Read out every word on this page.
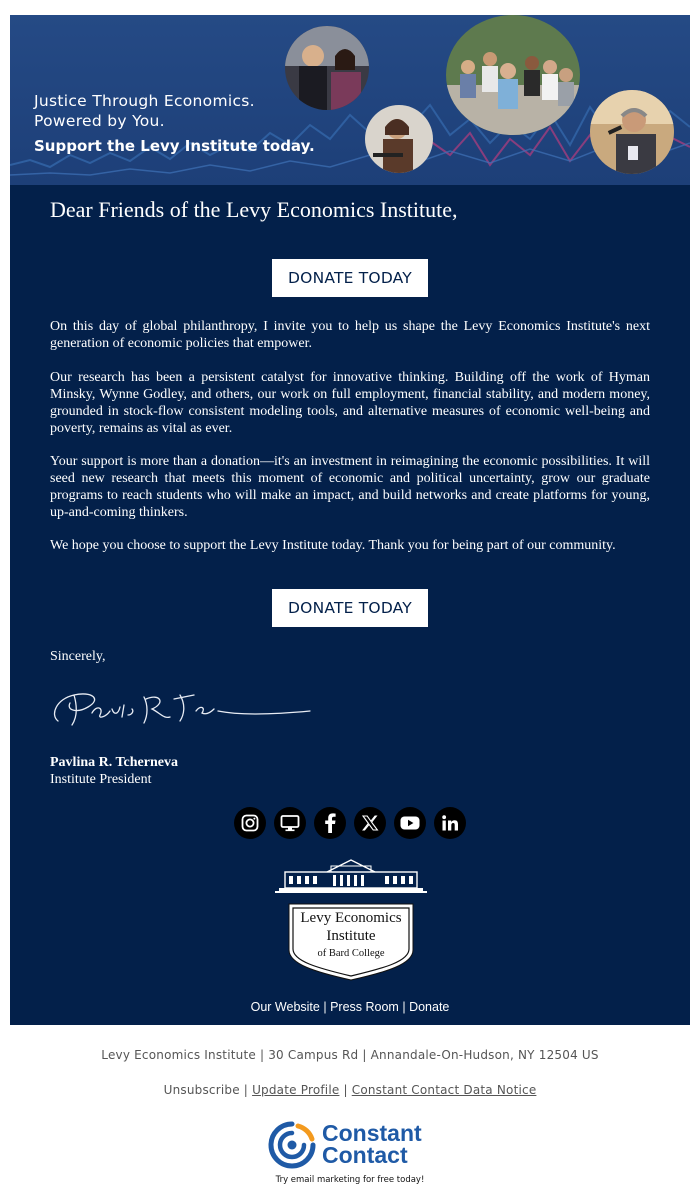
Justice Through Economics.
Powered by You.
Support the Levy Institute today.
Dear Friends of the Levy Economics Institute,
DONATE TODAY
On this day of global philanthropy, I invite you to help us shape the Levy Economics Institute's next generation of economic policies that empower.
Our research has been a persistent catalyst for innovative thinking. Building off the work of Hyman Minsky, Wynne Godley, and others, our work on full employment, financial stability, and modern money, grounded in stock-flow consistent modeling tools, and alternative measures of economic well-being and poverty, remains as vital as ever.
Your support is more than a donation—it's an investment in reimagining the economic possibilities. It will seed new research that meets this moment of economic and political uncertainty, grow our graduate programs to reach students who will make an impact, and build networks and create platforms for young, up-and-coming thinkers.
We hope you choose to support the Levy Institute today. Thank you for being part of our community.
DONATE TODAY
Sincerely,
Pavlina R. Tcherneva
Institute President
Levy Economics
Institute
of Bard College
Our Website | Press Room | Donate
Levy Economics Institute | 30 Campus Rd | Annandale-On-Hudson, NY 12504 US
Unsubscribe | Update Profile | Constant Contact Data Notice
Constant
Contact
Try email marketing for free today!
